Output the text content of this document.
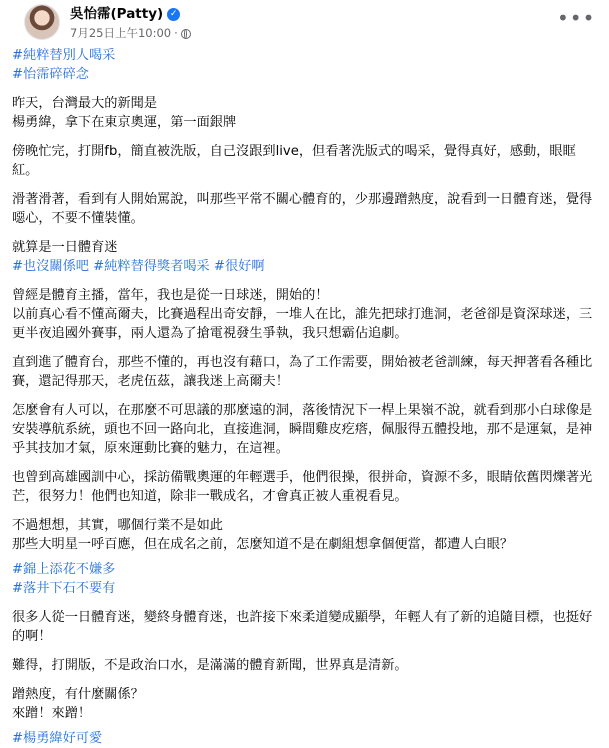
吳怡霈(Patty) ✓
7月25日上午10:00 ·
•••
#純粹替別人喝采
#怡霈碎碎念

昨天，台灣最大的新聞是
楊勇緯，拿下在東京奧運，第一面銀牌

傍晚忙完，打開fb，簡直被洗版，自己沒跟到live，但看著洗版式的喝采，覺得真好，感動，眼眶紅。

滑著滑著，看到有人開始罵說，叫那些平常不關心體育的，少那邊蹭熱度，說看到一日體育迷，覺得噁心，不要不懂裝懂。

就算是一日體育迷

#也沒關係吧 #純粹替得獎者喝采 #很好啊

曾經是體育主播，當年，我也是從一日球迷，開始的！
以前真心看不懂高爾夫，比賽過程出奇安靜，一堆人在比，誰先把球打進洞，老爸卻是資深球迷，三更半夜追國外賽事，兩人還為了搶電視發生爭執，我只想霸佔追劇。

直到進了體育台，那些不懂的，再也沒有藉口，為了工作需要，開始被老爸訓練，每天押著看各種比賽，還記得那天，老虎伍茲，讓我迷上高爾夫！

怎麼會有人可以，在那麼不可思議的那麼遠的洞，落後情況下一桿上果嶺不說，就看到那小白球像是安裝導航系統，頭也不回一路向北，直接進洞，瞬間雞皮疙瘩，佩服得五體投地，那不是運氣，是神乎其技加才氣，原來運動比賽的魅力，在這裡。

也曾到高雄國訓中心，採訪備戰奧運的年輕選手，他們很操，很拼命，資源不多，眼睛依舊閃爍著光芒，很努力！他們也知道，除非一戰成名，才會真正被人重視看見。

不過想想，其實，哪個行業不是如此
那些大明星一呼百應，但在成名之前，怎麼知道不是在劇組想拿個便當，都遭人白眼？

#錦上添花不嫌多
#落井下石不要有

很多人從一日體育迷，變終身體育迷，也許接下來柔道變成顯學，年輕人有了新的追隨目標，也挺好的啊！

難得，打開版，不是政治口水，是滿滿的體育新聞，世界真是清新。

蹭熱度，有什麼關係？
來蹭！來蹭！

#楊勇緯好可愛
